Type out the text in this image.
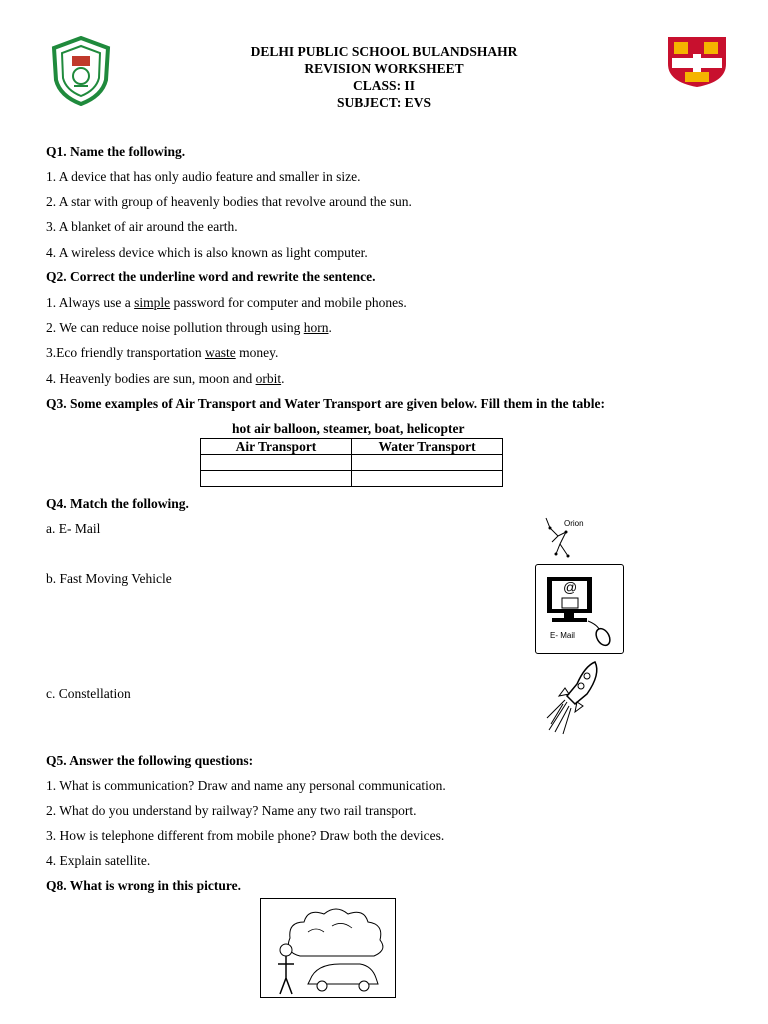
DELHI PUBLIC SCHOOL BULANDSHAHR
REVISION WORKSHEET
CLASS: II
SUBJECT: EVS
Q1. Name the following.
1. A device that has only audio feature and smaller in size.
2. A star with group of heavenly bodies that revolve around the sun.
3. A blanket of air around the earth.
4. A wireless device which is also known as light computer.
Q2. Correct the underline word and rewrite the sentence.
1. Always use a simple password for computer and mobile phones.
2. We can reduce noise pollution through using horn.
3.Eco friendly transportation waste money.
4. Heavenly bodies are sun, moon and orbit.
Q3. Some examples of Air Transport and Water Transport are given below. Fill them in the table:
hot air balloon, steamer, boat, helicopter
Air Transport	Water Transport

Q4. Match the following.
a. E- Mail
b. Fast Moving Vehicle
c. Constellation
Orion
@
E- Mail
Q5. Answer the following questions:
1. What is communication? Draw and name any personal communication.
2. What do you understand by railway? Name any two rail transport.
3. How is telephone different from mobile phone? Draw both the devices.
4. Explain satellite.
Q8. What is wrong in this picture.
